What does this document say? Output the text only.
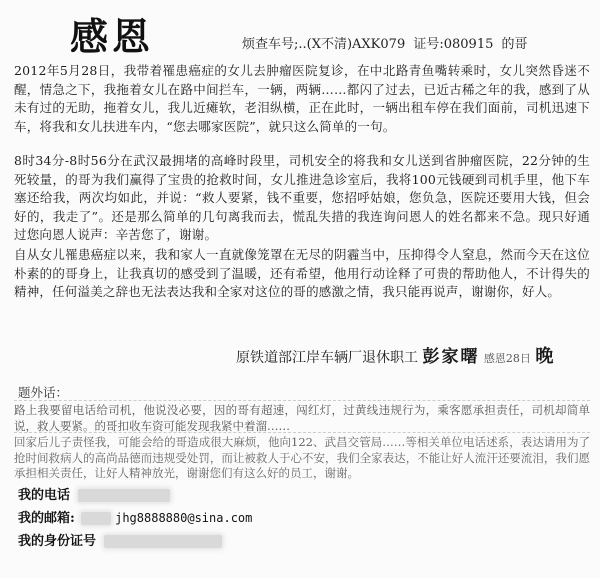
感恩	烦查车号;..(X不清)AXK079 证号:080915 的哥
2012年5月28日，我带着罹患癌症的女儿去肿瘤医院复诊，在中北路青鱼嘴转乘时，女儿突然昏迷不醒，情急之下，我拖着女儿在路中间拦车，一辆，两辆……都闪了过去，已近古稀之年的我，感到了从未有过的无助，拖着女儿，我儿近瘫软，老泪纵横，正在此时，一辆出租车停在我们面前，司机迅速下车，将我和女儿扶进车内，“您去哪家医院”，就只这么简单的一句。
8时34分-8时56分在武汉最拥堵的高峰时段里，司机安全的将我和女儿送到省肿瘤医院，22分钟的生死较量，的哥为我们赢得了宝贵的抢救时间，女儿推进急诊室后，我将100元钱硬到司机手里，他下车塞还给我，两次均如此，并说：“救人要紧，钱不重要，您招呼姑娘，您负急，医院还要用大钱，但会好的，我走了”。还是那么简单的几句离我而去，慌乱失措的我连询问恩人的姓名都来不急。现只好通过您向恩人说声：辛苦您了，谢谢。
自从女儿罹患癌症以来，我和家人一直就像笼罩在无尽的阴霾当中，压抑得令人窒息，然而今天在这位朴素的的哥身上，让我真切的感受到了温暖，还有希望，他用行动诠释了可贵的帮助他人，不计得失的精神，任何溢美之辞也无法表达我和全家对这位的哥的感激之情，我只能再说声，谢谢你，好人。
原铁道部江岸车辆厂退休职工 彭家曙 感恩28日 晚
题外话：
路上我要留电话给司机，他说没必要，因的哥有超速，闯红灯，过黄线违规行为，乘客愿承担责任，司机却简单说，救人要紧。的哥扣收车资可能发现我紧中着溜……
回家后儿子责怪我，可能会给的哥造成很大麻烦，他向122、武昌交管局……等相关单位电话述系，表达请用为了抢时间救病人的高尚品德而违规受处罚，而让被救人于心不安，我们全家表达，不能让好人流汗还要流泪，我们愿承担相关责任，让好人精神放光，谢谢您们有这么好的员工，谢谢。
我的电话
我的邮箱:	jhg8888880@sina.com
我的身份证号
